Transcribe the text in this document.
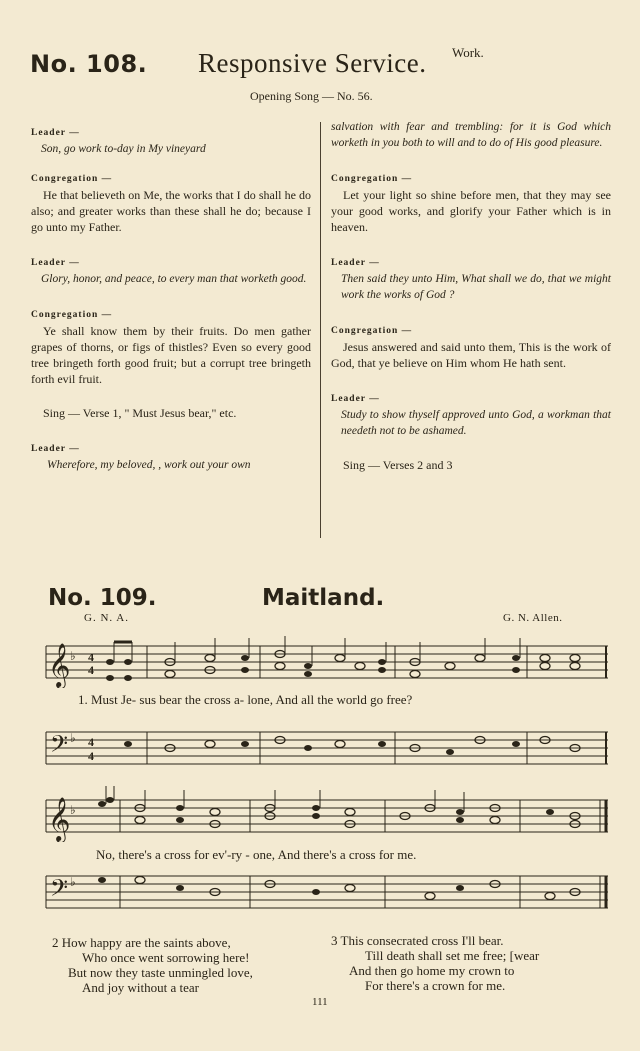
No. 108. Responsive Service. Work.
Opening Song — No. 56.
Leader —
Son, go work to-day in My vineyard
Congregation —
He that believeth on Me, the works that I do shall he do also; and greater works than these shall he do; because I go unto my Father.
Leader —
Glory, honor, and peace, to every man that worketh good.
Congregation —
Ye shall know them by their fruits. Do men gather grapes of thorns, or figs of thistles? Even so every good tree bringeth forth good fruit; but a corrupt tree bringeth forth evil fruit.
Sing — Verse 1, " Must Jesus bear," etc.
Leader —
Wherefore, my beloved, , work out your own
salvation with fear and trembling: for it is God which worketh in you both to will and to do of His good pleasure.
Congregation —
Let your light so shine before men, that they may see your good works, and glorify your Father which is in heaven.
Leader —
Then said they unto Him, What shall we do, that we might work the works of God ?
Congregation —
Jesus answered and said unto them, This is the work of God, that ye believe on Him whom He hath sent.
Leader —
Study to show thyself approved unto God, a workman that needeth not to be ashamed.
Sing — Verses 2 and 3
No. 109.	Maitland.
G. N. A.	G. N. Allen.
𝄞 ♭ 4
4
1. Must Je- sus bear the cross a- lone, And all the world go free?
𝄢 ♭ 4
4
𝄞 ♭
No, there's a cross for ev'-ry - one, And there's a cross for me.
𝄢 ♭
2 How happy are the saints above,
Who once went sorrowing here!
But now they taste unmingled love,
And joy without a tear
3 This consecrated cross I'll bear.
Till death shall set me free; [wear
And then go home my crown to
For there's a crown for me.
111
